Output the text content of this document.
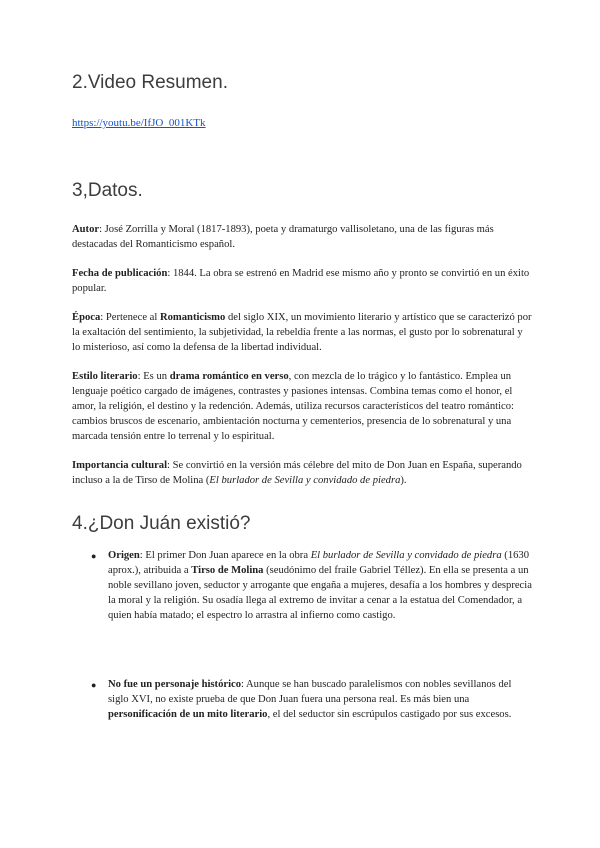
2.Video Resumen.
https://youtu.be/IfJO_001KTk
3,Datos.
Autor: José Zorrilla y Moral (1817-1893), poeta y dramaturgo vallisoletano, una de las figuras más destacadas del Romanticismo español.
Fecha de publicación: 1844. La obra se estrenó en Madrid ese mismo año y pronto se convirtió en un éxito popular.
Época: Pertenece al Romanticismo del siglo XIX, un movimiento literario y artístico que se caracterizó por la exaltación del sentimiento, la subjetividad, la rebeldía frente a las normas, el gusto por lo sobrenatural y lo misterioso, así como la defensa de la libertad individual.
Estilo literario: Es un drama romántico en verso, con mezcla de lo trágico y lo fantástico. Emplea un lenguaje poético cargado de imágenes, contrastes y pasiones intensas. Combina temas como el honor, el amor, la religión, el destino y la redención. Además, utiliza recursos característicos del teatro romántico: cambios bruscos de escenario, ambientación nocturna y cementerios, presencia de lo sobrenatural y una marcada tensión entre lo terrenal y lo espiritual.
Importancia cultural: Se convirtió en la versión más célebre del mito de Don Juan en España, superando incluso a la de Tirso de Molina (El burlador de Sevilla y convidado de piedra).
4.¿Don Juán existió?
● Origen: El primer Don Juan aparece en la obra El burlador de Sevilla y convidado de piedra (1630 aprox.), atribuida a Tirso de Molina (seudónimo del fraile Gabriel Téllez). En ella se presenta a un noble sevillano joven, seductor y arrogante que engaña a mujeres, desafía a los hombres y desprecia la moral y la religión. Su osadía llega al extremo de invitar a cenar a la estatua del Comendador, a quien había matado; el espectro lo arrastra al infierno como castigo.
● No fue un personaje histórico: Aunque se han buscado paralelismos con nobles sevillanos del siglo XVI, no existe prueba de que Don Juan fuera una persona real. Es más bien una personificación de un mito literario, el del seductor sin escrúpulos castigado por sus excesos.
